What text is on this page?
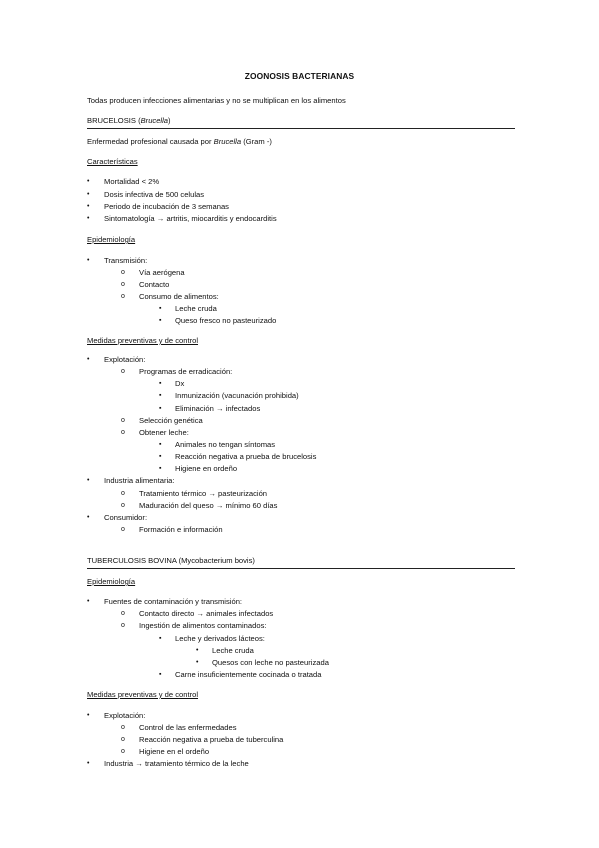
ZOONOSIS BACTERIANAS
Todas producen infecciones alimentarias y no se multiplican en los alimentos
BRUCELOSIS (Brucella)
Enfermedad profesional causada por Brucella (Gram -)
Características
• Mortalidad < 2%
• Dosis infectiva de 500 celulas
• Periodo de incubación de 3 semanas
• Sintomatología → artritis, miocarditis y endocarditis
Epidemiología
• Transmisión:
o Vía aerógena
o Contacto
o Consumo de alimentos:
▪ Leche cruda
▪ Queso fresco no pasteurizado
Medidas preventivas y de control
• Explotación:
o Programas de erradicación:
▪ Dx
▪ Inmunización (vacunación prohibida)
▪ Eliminación → infectados
o Selección genética
o Obtener leche:
▪ Animales no tengan síntomas
▪ Reacción negativa a prueba de brucelosis
▪ Higiene en ordeño
• Industria alimentaria:
o Tratamiento térmico → pasteurización
o Maduración del queso → mínimo 60 días
• Consumidor:
o Formación e información
TUBERCULOSIS BOVINA (Mycobacterium bovis)
Epidemiología
• Fuentes de contaminación y transmisión:
o Contacto directo → animales infectados
o Ingestión de alimentos contaminados:
▪ Leche y derivados lácteos:
• Leche cruda
• Quesos con leche no pasteurizada
▪ Carne insuficientemente cocinada o tratada
Medidas preventivas y de control
• Explotación:
o Control de las enfermedades
o Reacción negativa a prueba de tuberculina
o Higiene en el ordeño
• Industria → tratamiento térmico de la leche
